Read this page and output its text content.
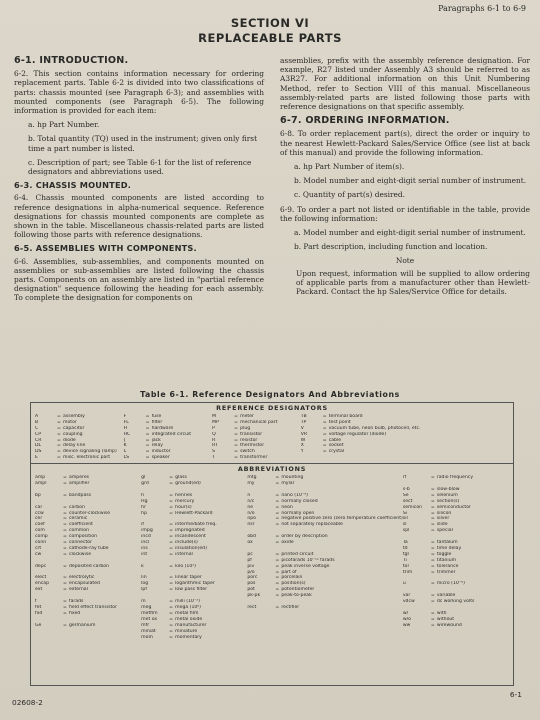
Paragraphs 6-1 to 6-9
SECTION VI
REPLACEABLE PARTS
6-1. INTRODUCTION.

6-2. This section contains information necessary for ordering replacement parts. Table 6-2 is divided into two classifications of parts: chassis mounted (see Paragraph 6-3); and assemblies with mounted components (see Paragraph 6-5). The following information is provided for each item:

a. hp Part Number.

b. Total quantity (TQ) used in the instrument; given only first time a part number is listed.

c. Description of part; see Table 6-1 for the list of reference designators and abbreviations used.

6-3. CHASSIS MOUNTED.

6-4. Chassis mounted components are listed according to reference designations in alpha-numerical sequence. Reference designations for chassis mounted components are complete as shown in the table. Miscellaneous chassis-related parts are listed following those parts with reference designations.

6-5. ASSEMBLIES WITH COMPONENTS.

6-6. Assemblies, sub-assemblies, and components mounted on assemblies or sub-assemblies are listed following the chassis parts. Components on an assembly are listed in "partial reference designation" sequence following the heading for each assembly. To complete the designation for components on

assemblies, prefix with the assembly reference designation. For example, R27 listed under Assembly A3 should be referred to as A3R27. For additional information on this Unit Numbering Method, refer to Section VIII of this manual. Miscellaneous assembly-related parts are listed following those parts with reference designations on that specific assembly.

6-7. ORDERING INFORMATION.

6-8. To order replacement part(s), direct the order or inquiry to the nearest Hewlett-Packard Sales/Service Office (see list at back of this manual) and provide the following information.

a. hp Part Number of item(s).

b. Model number and eight-digit serial number of instrument.

c. Quantity of part(s) desired.

6-9. To order a part not listed or identifiable in the table, provide the following information:

a. Model number and eight-digit serial number of instrument.

b. Part description, including function and location.

Note

Upon request, information will be supplied to allow ordering of applicable parts from a manufacturer other than Hewlett-Packard. Contact the hp Sales/Service Office for details.

Table 6-1. Reference Designators And Abbreviations
REFERENCE DESIGNATORS
A	= assembly
B	= motor
C	= capacitor
CP	= coupling
CR	= diode
DL	= delay line
DS	= device signaling (lamp)
E	= misc. electronic part
F	= fuse
FL	= filter
H	= hardware
HC	= integrated circuit
J	= jack
K	= relay
L	= inductor
LS	= speaker
M	= meter
MP	= mechanical part
P	= plug
Q	= transistor
R	= resistor
RT	= thermistor
S	= switch
T	= transformer
TB	= terminal board
TP	= test point
V	= vacuum tube, neon bulb, photocell, etc.
VR	= voltage regulator (diode)
W	= cable
X	= socket
Y	= crystal
ABBREVIATIONS
amp	= amperes
ampl	= amplifier

bp	= bandpass

car	= carbon
ccw	= counter-clockwise
cer	= ceramic
coef	= coefficient
com	= common
comp	= composition
conn	= connector
crt	= cathode-ray tube
cw	= clockwise

depc	= deposited carbon

elect	= electrolytic
encap	= encapsulated
ext	= external

f	= farads
fet	= field effect transistor
fxd	= fixed

Ge	= germanium
gl	= glass
grd	= ground(ed)

h	= henries
Hg	= mercury
hr	= hour(s)
hp	= Hewlett-Packard

if	= intermediate freq.
impg	= impregnated
incd	= incandescent
incl	= include(s)
ins	= insulation(ed)
int	= internal

k	= kilo (10³)

lin	= linear taper
log	= logarithmic taper
lpf	= low pass filter

m	= milli (10⁻³)
meg	= mega (10⁶)
metflm	= metal film
met ox	= metal oxide
mfr	= manufacturer
miniat	= miniature
mom	= momentary
mtg	= mounting
my	= mylar

n	= nano (10⁻⁹)
n/c	= normally closed
ne	= neon
n/o	= normally open
npo	= negative positive zero (zero temperature coefficient)
nsr	= not separately replaceable

obd	= order by description
ox	= oxide

pc	= printed circuit
pf	= picofarads 10⁻¹² farads
piv	= peak inverse voltage
p/o	= part of
porc	= porcelain
pos	= position(s)
pot	= potentiometer
pk-pk	= peak-to-peak

rect	= rectifier
rf	= radio frequency

s-b	= slow-blow
Se	= selenium
sect	= section(s)
semicon	= semiconductor
Si	= silicon
sil	= silver
sl	= slide
spl	= special

Ta	= tantalum
td	= time delay
tgl	= toggle
Ti	= titanium
tol	= tolerance
trim	= trimmer

u	= micro (10⁻⁶)

var	= variable
vdcw	= dc working volts

w/	= with
w/o	= without
ww	= wirewound
02608-2
6-1
